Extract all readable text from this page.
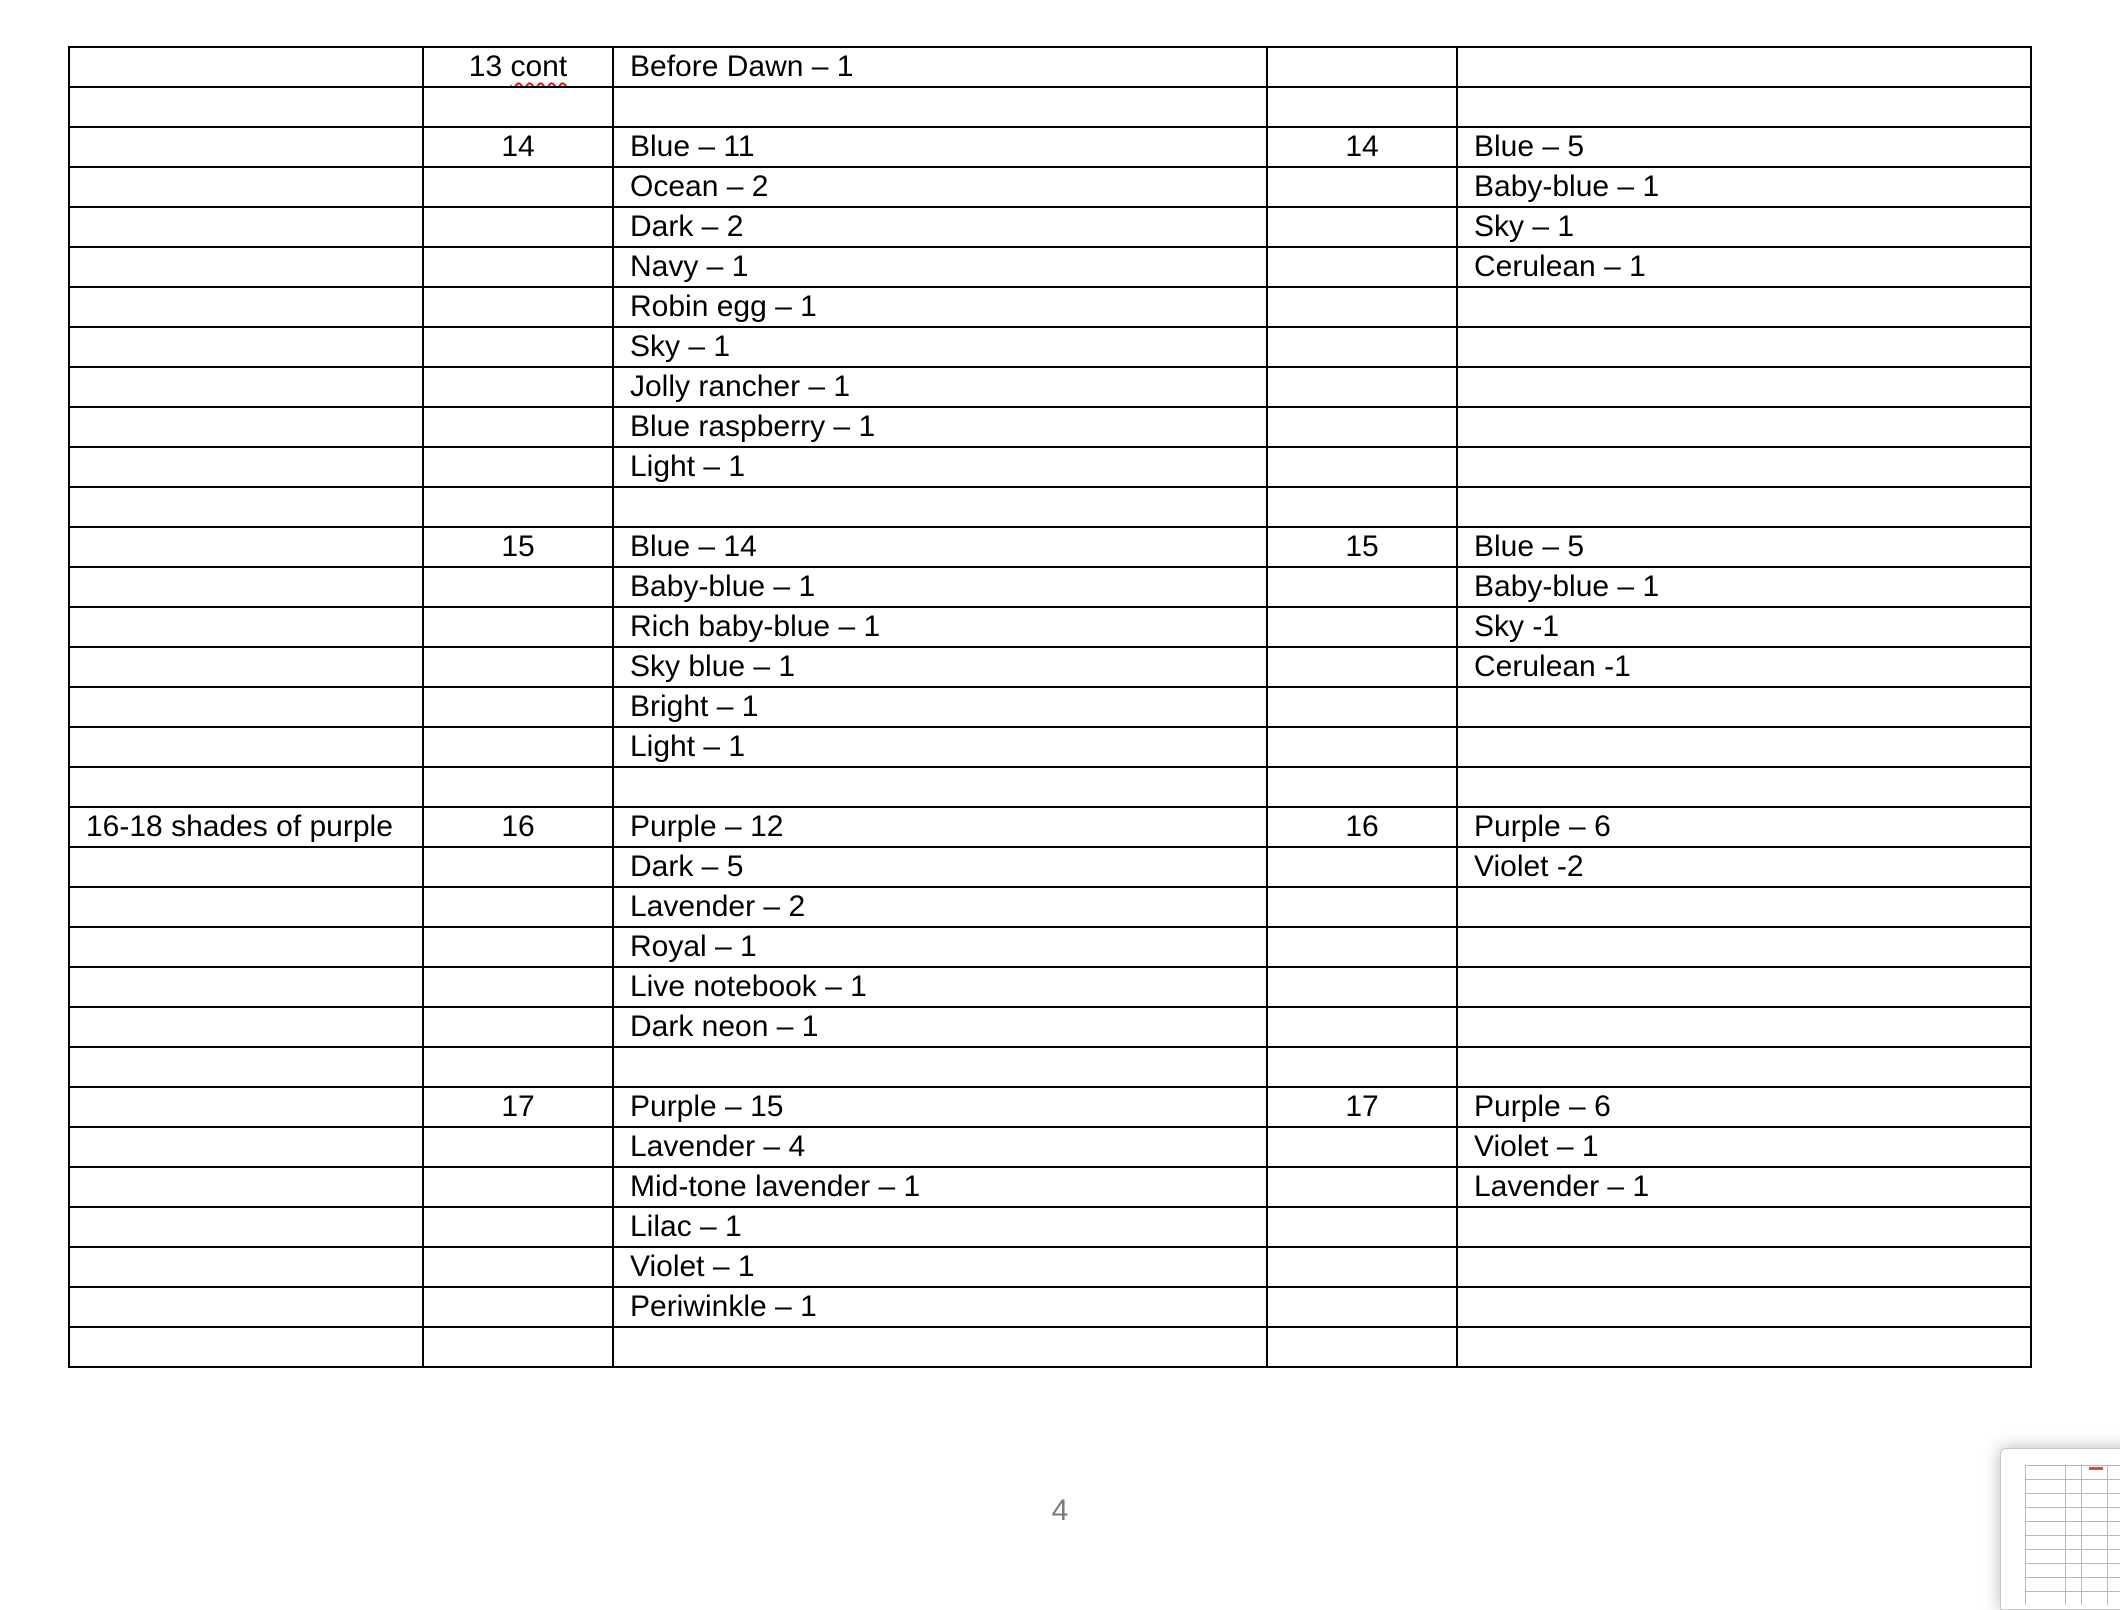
	13 cont	Before Dawn – 1		

	14	Blue – 11	14	Blue – 5
		Ocean – 2		Baby-blue – 1
		Dark – 2		Sky – 1
		Navy – 1		Cerulean – 1
		Robin egg – 1		
		Sky – 1		
		Jolly rancher – 1		
		Blue raspberry – 1		
		Light – 1		

	15	Blue – 14	15	Blue – 5
		Baby-blue – 1		Baby-blue – 1
		Rich baby-blue – 1		Sky -1
		Sky blue – 1		Cerulean -1
		Bright – 1		
		Light – 1		

16-18 shades of purple	16	Purple – 12	16	Purple – 6
		Dark – 5		Violet -2
		Lavender – 2		
		Royal – 1		
		Live notebook – 1		
		Dark neon – 1		

	17	Purple – 15	17	Purple – 6
		Lavender – 4		Violet – 1
		Mid-tone lavender – 1		Lavender – 1
		Lilac – 1		
		Violet – 1		
		Periwinkle – 1		

4
